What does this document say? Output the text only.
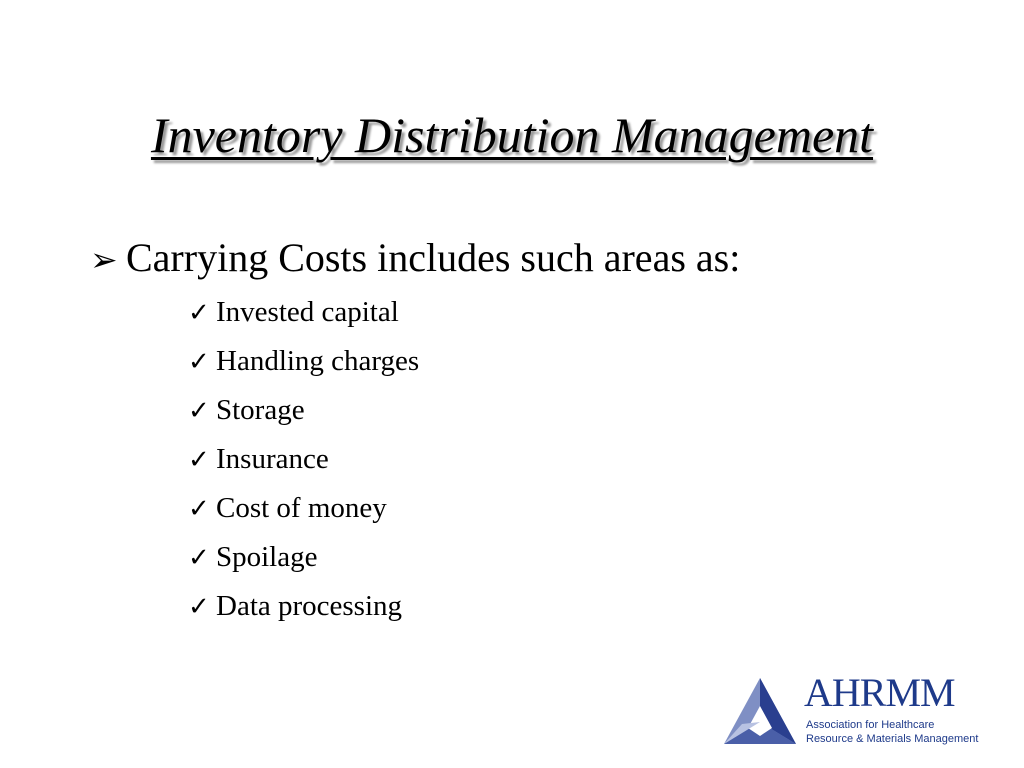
Inventory Distribution Management
➢ Carrying Costs includes such areas as:
✓ Invested capital
✓ Handling charges
✓ Storage
✓ Insurance
✓ Cost of money
✓ Spoilage
✓ Data processing
AHRMM
Association for Healthcare
Resource & Materials Management
